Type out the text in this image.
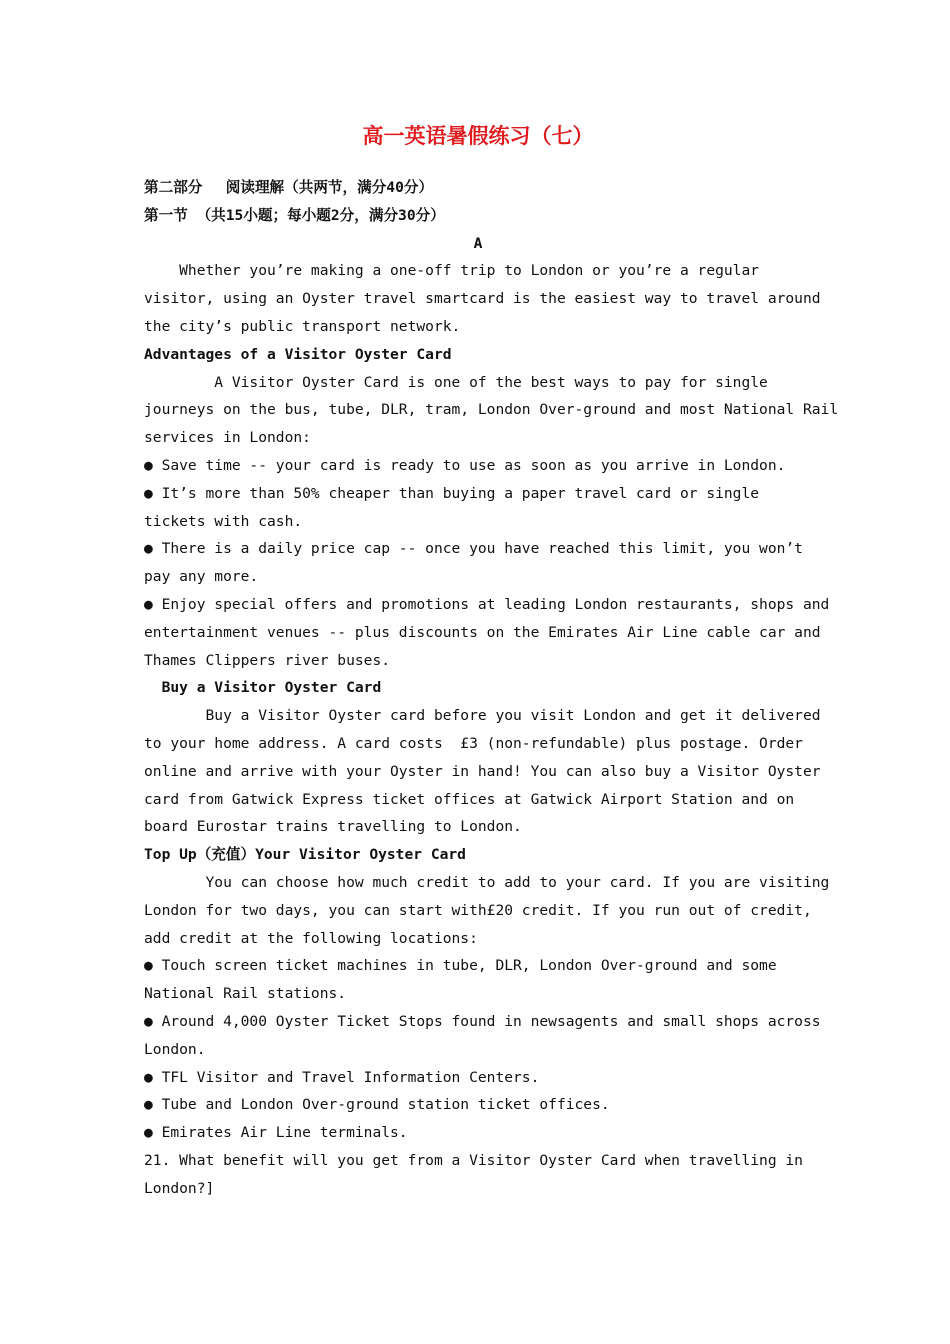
高一英语暑假练习（七）

第二部分　 阅读理解（共两节，满分40分）

第一节 （共15小题；每小题2分，满分30分）

A

Whether you’re making a one-off trip to London or you’re a regular

visitor, using an Oyster travel smartcard is the easiest way to travel around

the city’s public transport network.

Advantages of a Visitor Oyster Card

A Visitor Oyster Card is one of the best ways to pay for single

journeys on the bus, tube, DLR, tram, London Over-ground and most National Rail

services in London:

● Save time -- your card is ready to use as soon as you arrive in London.

● It’s more than 50% cheaper than buying a paper travel card or single

tickets with cash.

● There is a daily price cap -- once you have reached this limit, you won’t

pay any more.

● Enjoy special offers and promotions at leading London restaurants, shops and

entertainment venues -- plus discounts on the Emirates Air Line cable car and

Thames Clippers river buses.

Buy a Visitor Oyster Card

Buy a Visitor Oyster card before you visit London and get it delivered

to your home address. A card costs  £3 (non-refundable) plus postage. Order

online and arrive with your Oyster in hand! You can also buy a Visitor Oyster

card from Gatwick Express ticket offices at Gatwick Airport Station and on

board Eurostar trains travelling to London.

Top Up（充值）Your Visitor Oyster Card

You can choose how much credit to add to your card. If you are visiting

London for two days, you can start with£20 credit. If you run out of credit,

add credit at the following locations:

● Touch screen ticket machines in tube, DLR, London Over-ground and some

National Rail stations.

● Around 4,000 Oyster Ticket Stops found in newsagents and small shops across

London.

● TFL Visitor and Travel Information Centers.

● Tube and London Over-ground station ticket offices.

● Emirates Air Line terminals.

21. What benefit will you get from a Visitor Oyster Card when travelling in

London?]
